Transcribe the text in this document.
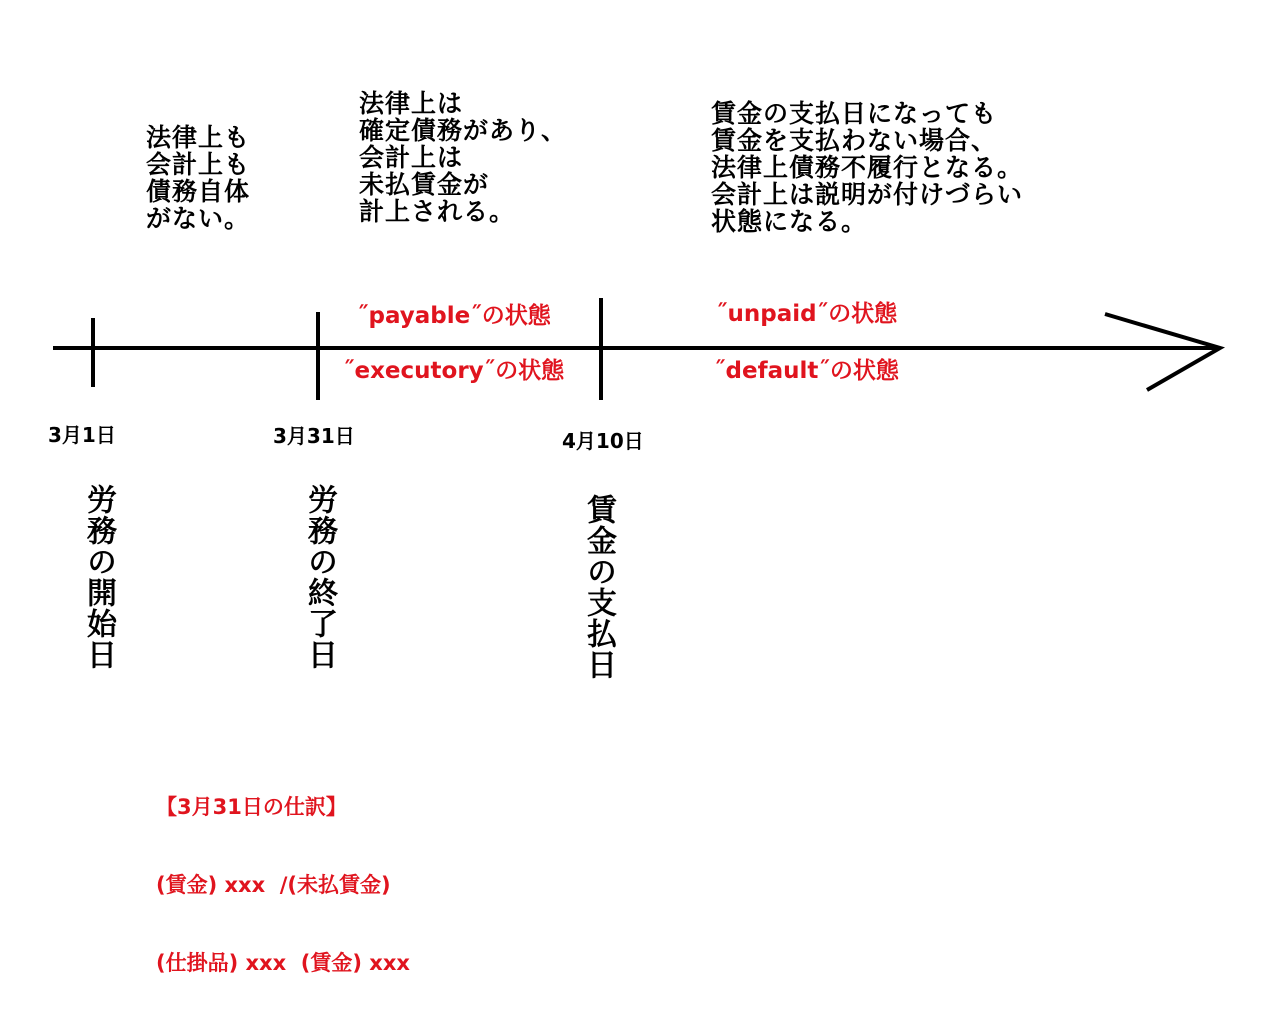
法律上も
会計上も
債務自体
がない。
法律上は
確定債務があり、
会計上は
未払賃金が
計上される。
賃金の支払日になっても
賃金を支払わない場合、
法律上債務不履行となる。
会計上は説明が付けづらい
状態になる。
˝payable˝の状態
˝executory˝の状態
˝unpaid˝の状態
˝default˝の状態
3月1日	3月31日	4月10日
労務の開始日	労務の終了日	賃金の支払日

【3月31日の仕訳】

(賃金) xxx  /(未払賃金)

(仕掛品) xxx  (賃金) xxx
